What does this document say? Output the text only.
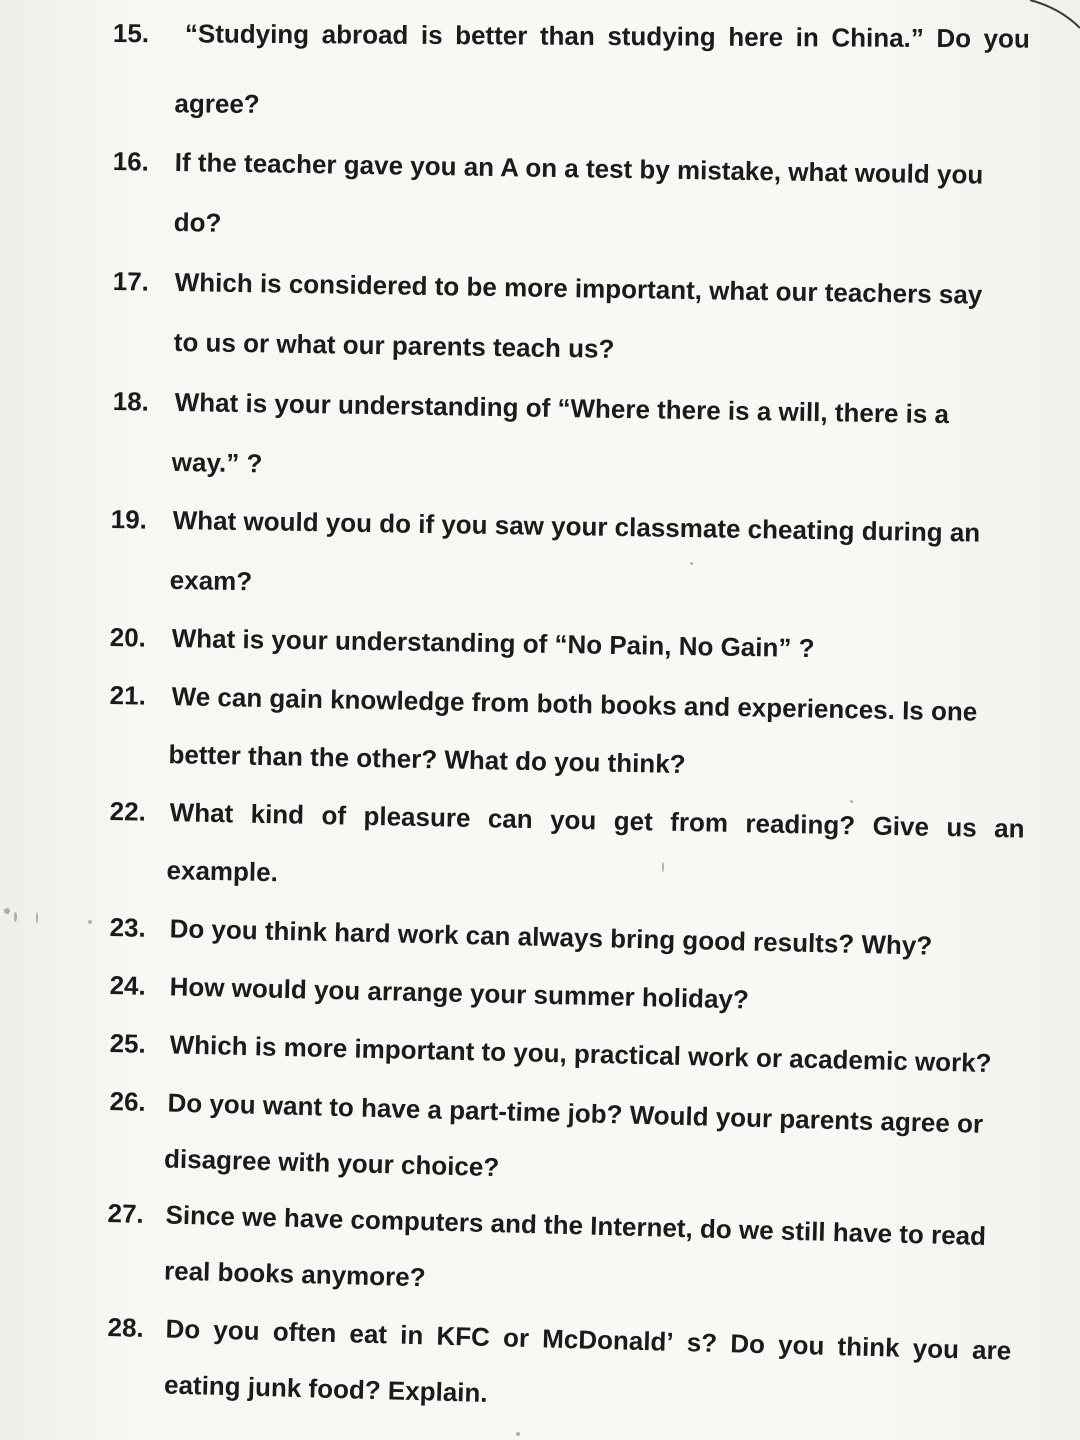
15.	“Studying abroad is better than studying here in China.” Do you
agree?
16. If the teacher gave you an A on a test by mistake, what would you
do?
17. Which is considered to be more important, what our teachers say
to us or what our parents teach us?
18. What is your understanding of “Where there is a will, there is a
way.” ?
19. What would you do if you saw your classmate cheating during an
exam?
20. What is your understanding of “No Pain, No Gain” ?
21. We can gain knowledge from both books and experiences. Is one
better than the other? What do you think?
22. What kind of pleasure can you get from reading? Give us an
example.
23. Do you think hard work can always bring good results? Why?
24. How would you arrange your summer holiday?
25. Which is more important to you, practical work or academic work?
26. Do you want to have a part-time job? Would your parents agree or
disagree with your choice?
27. Since we have computers and the Internet, do we still have to read
real books anymore?
28. Do you often eat in KFC or McDonald’ s? Do you think you are
eating junk food? Explain.
